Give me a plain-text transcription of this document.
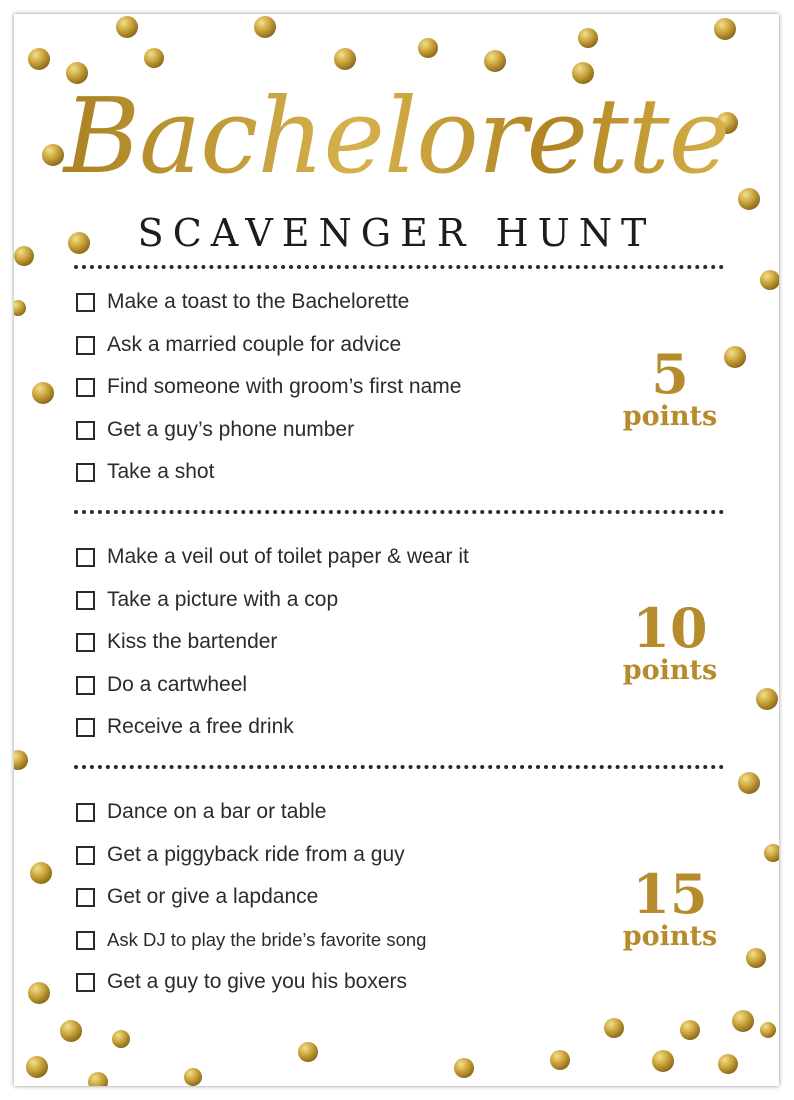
Bachelorette
SCAVENGER HUNT
Make a toast to the Bachelorette
Ask a married couple for advice
Find someone with groom’s first name
Get a guy’s phone number
Take a shot
5
points
Make a veil out of toilet paper & wear it
Take a picture with a cop
Kiss the bartender
Do a cartwheel
Receive a free drink
10
points
Dance on a bar or table
Get a piggyback ride from a guy
Get or give a lapdance
Ask DJ to play the bride’s favorite song
Get a guy to give you his boxers
15
points
